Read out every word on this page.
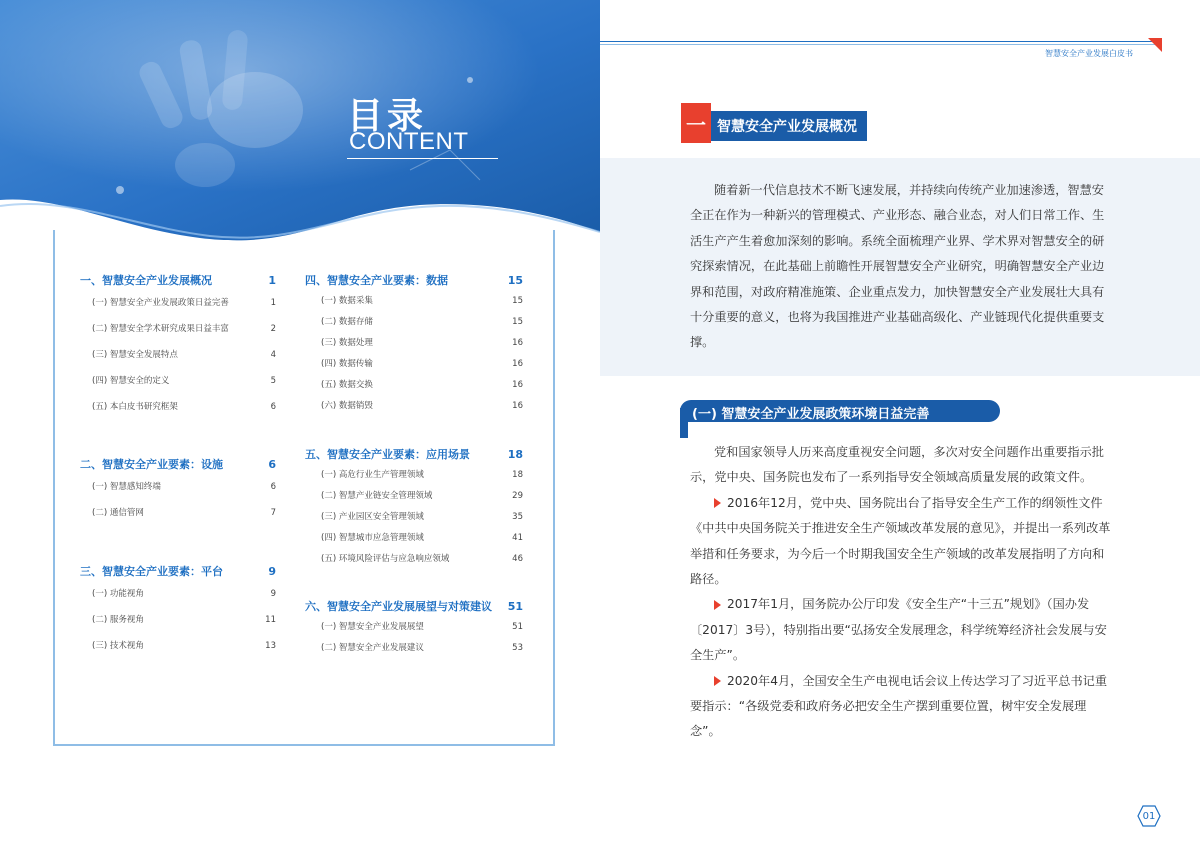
目录
CONTENT
一、智慧安全产业发展概况	1
(一) 智慧安全产业发展政策日益完善	1
(二) 智慧安全学术研究成果日益丰富	2
(三) 智慧安全发展特点	4
(四) 智慧安全的定义	5
(五) 本白皮书研究框架	6
二、智慧安全产业要素：设施	6
(一) 智慧感知终端	6
(二) 通信管网	7
三、智慧安全产业要素：平台	9
(一) 功能视角	9
(二) 服务视角	11
(三) 技术视角	13
四、智慧安全产业要素：数据	15
(一) 数据采集	15
(二) 数据存储	15
(三) 数据处理	16
(四) 数据传输	16
(五) 数据交换	16
(六) 数据销毁	16
五、智慧安全产业要素：应用场景	18
(一) 高危行业生产管理领域	18
(二) 智慧产业链安全管理领域	29
(三) 产业园区安全管理领域	35
(四) 智慧城市应急管理领域	41
(五) 环境风险评估与应急响应领域	46
六、智慧安全产业发展展望与对策建议 51
(一) 智慧安全产业发展展望	51
(二) 智慧安全产业发展建议	53
智慧安全产业发展白皮书
一 智慧安全产业发展概况
随着新一代信息技术不断飞速发展，并持续向传统产业加速渗透，智慧安全正在作为一种新兴的管理模式、产业形态、融合业态，对人们日常工作、生活生产产生着愈加深刻的影响。系统全面梳理产业界、学术界对智慧安全的研究探索情况，在此基础上前瞻性开展智慧安全产业研究，明确智慧安全产业边界和范围，对政府精准施策、企业重点发力，加快智慧安全产业发展壮大具有十分重要的意义，也将为我国推进产业基础高级化、产业链现代化提供重要支撑。
(一) 智慧安全产业发展政策环境日益完善

党和国家领导人历来高度重视安全问题，多次对安全问题作出重要指示批示，党中央、国务院也发布了一系列指导安全领域高质量发展的政策文件。

2016年12月，党中央、国务院出台了指导安全生产工作的纲领性文件《中共中央国务院关于推进安全生产领域改革发展的意见》，并提出一系列改革举措和任务要求，为今后一个时期我国安全生产领域的改革发展指明了方向和路径。

2017年1月，国务院办公厅印发《安全生产“十三五”规划》（国办发〔2017〕3号），特别指出要“弘扬安全发展理念，科学统筹经济社会发展与安全生产”。

2020年4月，全国安全生产电视电话会议上传达学习了习近平总书记重要指示：“各级党委和政府务必把安全生产摆到重要位置，树牢安全发展理念”。

01
